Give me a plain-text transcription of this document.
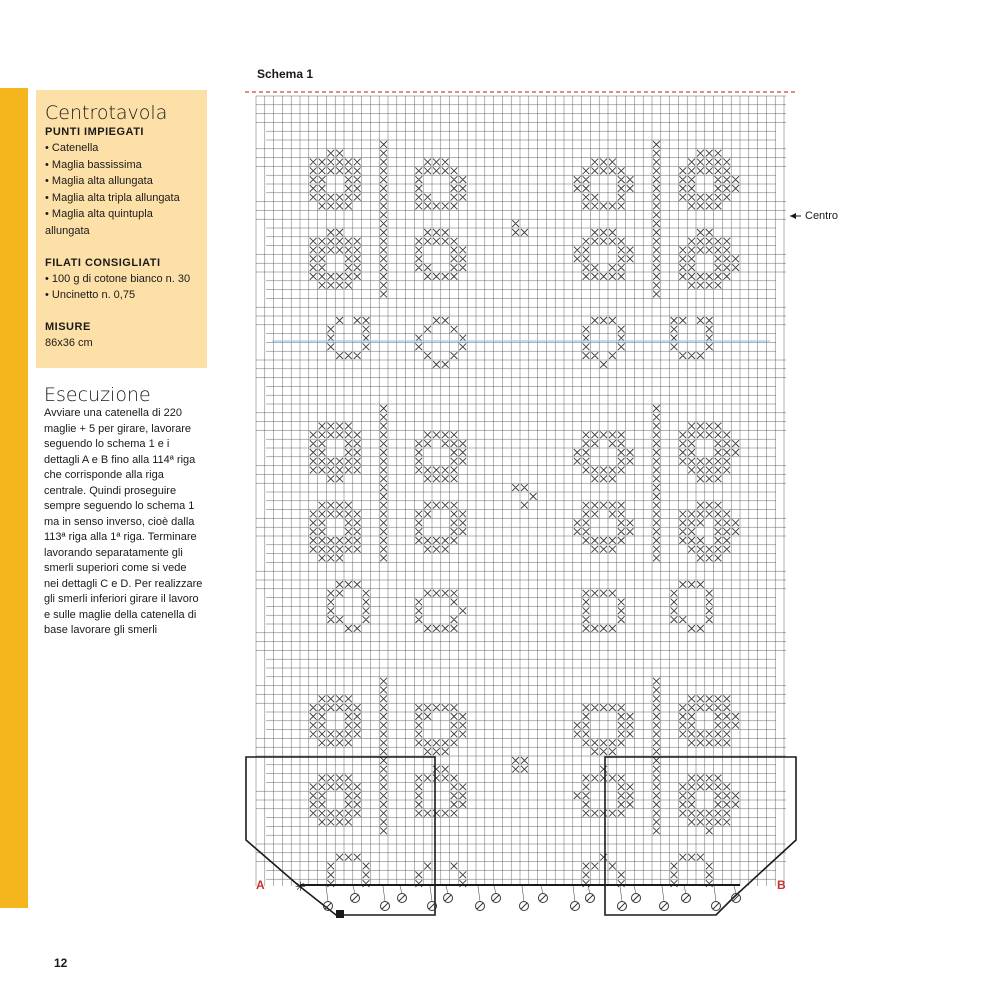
Centrotavola
PUNTI IMPIEGATI
• Catenella
• Maglia bassissima
• Maglia alta allungata
• Maglia alta tripla allungata
• Maglia alta quintupla allungata
FILATI CONSIGLIATI
• 100 g di cotone bianco n. 30
• Uncinetto n. 0,75
MISURE

86x36 cm

Esecuzione

Avviare una catenella di 220 maglie + 5 per girare, lavorare seguendo lo schema 1 e i dettagli A e B fino alla 114ª riga che corrisponde alla riga centrale. Quindi proseguire sempre seguendo lo schema 1 ma in senso inverso, cioè dalla 113ª riga alla 1ª riga. Terminare lavorando separatamente gli smerli superiori come si vede nei dettagli C e D. Per realizzare gli smerli inferiori girare il lavoro e sulle maglie della catenella di base lavorare gli smerli

Schema 1
Centro
A	B
12
✳
